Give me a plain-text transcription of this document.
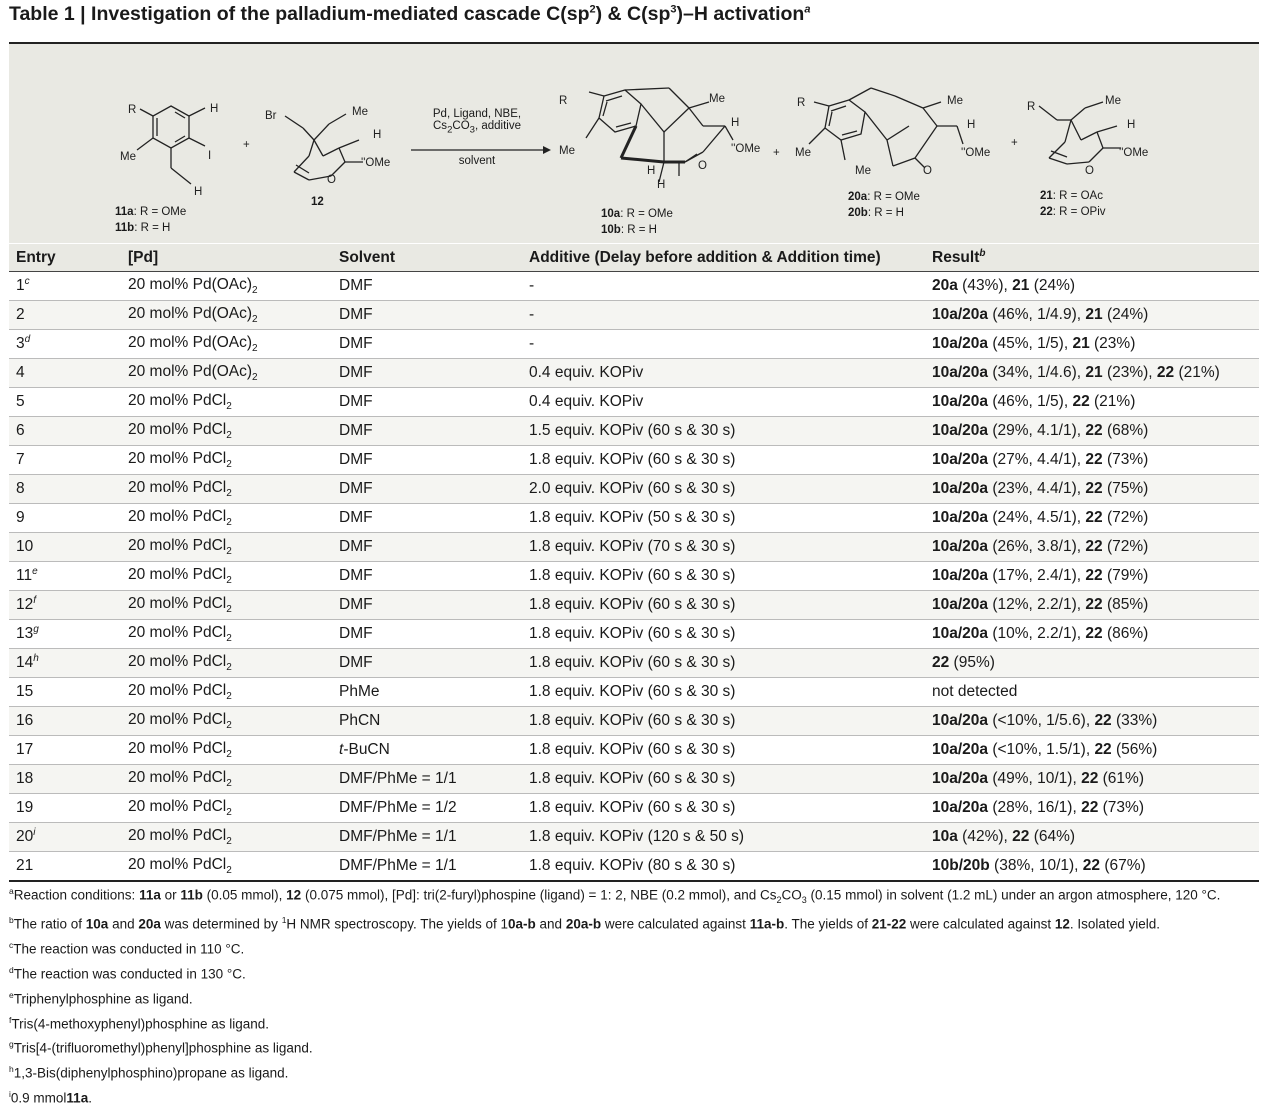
Table 1 | Investigation of the palladium-mediated cascade $C(sp^2)$ & $C(sp^3)-H$ activation$^a$
R	H
Me	I
H
+
Br	Me
H
''OMe
O
R
Me
Me
H
''OMe
H
H
O
+
R
Me
Me
Me
H
''OMe
O
+
R	Me
H
''OMe
O
11a: R = OMe
11b: R = H
12
Pd, Ligand, NBE,
$Cs_2CO_3$, additive
solvent
10a: R = OMe
10b: R = H
20a: R = OMe
20b: R = H
21: R = OAc
22: R = OPiv
Entry	[Pd]	Solvent	Additive (Delay before addition & Addition time)	Result$^b$
1$^c$	20 mol% $Pd(OAc)_2$	DMF	-	20a (43%), 21 (24%)
2	20 mol% $Pd(OAc)_2$	DMF	-	10a/20a (46%, 1/4.9), 21 (24%)
3$^d$	20 mol% $Pd(OAc)_2$	DMF	-	10a/20a (45%, 1/5), 21 (23%)
4	20 mol% $Pd(OAc)_2$	DMF	0.4 equiv. KOPiv	10a/20a (34%, 1/4.6), 21 (23%), 22 (21%)
5	20 mol% PdCl$_2$	DMF	0.4 equiv. KOPiv	10a/20a (46%, 1/5), 22 (21%)
6	20 mol% PdCl$_2$	DMF	1.5 equiv. KOPiv (60 s & 30 s)	10a/20a (29%, 4.1/1), 22 (68%)
7	20 mol% PdCl$_2$	DMF	1.8 equiv. KOPiv (60 s & 30 s)	10a/20a (27%, 4.4/1), 22 (73%)
8	20 mol% PdCl$_2$	DMF	2.0 equiv. KOPiv (60 s & 30 s)	10a/20a (23%, 4.4/1), 22 (75%)
9	20 mol% PdCl$_2$	DMF	1.8 equiv. KOPiv (50 s & 30 s)	10a/20a (24%, 4.5/1), 22 (72%)
10	20 mol% PdCl$_2$	DMF	1.8 equiv. KOPiv (70 s & 30 s)	10a/20a (26%, 3.8/1), 22 (72%)
11e	20 mol% PdCl$_2$	DMF	1.8 equiv. KOPiv (60 s & 30 s)	10a/20a (17%, 2.4/1), 22 (79%)
12$^f$	20 mol% PdCl$_2$	DMF	1.8 equiv. KOPiv (60 s & 30 s)	10a/20a (12%, 2.2/1), 22 (85%)
13$^g$	20 mol% PdCl$_2$	DMF	1.8 equiv. KOPiv (60 s & 30 s)	10a/20a (10%, 2.2/1), 22 (86%)
14$^h$	20 mol% PdCl$_2$	DMF	1.8 equiv. KOPiv (60 s & 30 s)	22 (95%)
15	20 mol% PdCl$_2$	PhMe	1.8 equiv. KOPiv (60 s & 30 s)	not detected
16	20 mol% PdCl$_2$	PhCN	1.8 equiv. KOPiv (60 s & 30 s)	10a/20a (<10%, 1/5.6), 22 (33%)
17	20 mol% PdCl$_2$	t-BuCN	1.8 equiv. KOPiv (60 s & 30 s)	10a/20a (<10%, 1.5/1), 22 (56%)
18	20 mol% PdCl$_2$	DMF/PhMe = 1/1	1.8 equiv. KOPiv (60 s & 30 s)	10a/20a (49%, 10/1), 22 (61%)
19	20 mol% PdCl$_2$	DMF/PhMe = 1/2	1.8 equiv. KOPiv (60 s & 30 s)	10a/20a (28%, 16/1), 22 (73%)
20$^i$	20 mol% PdCl$_2$	DMF/PhMe = 1/1	1.8 equiv. KOPiv (120 s & 50 s)	10a (42%), 22 (64%)
21	20 mol% PdCl$_2$	DMF/PhMe = 1/1	1.8 equiv. KOPiv (80 s & 30 s)	10b/20b (38%, 10/1), 22 (67%)
$^a$Reaction conditions: 11a or 11b (0.05 mmol), 12 (0.075 mmol), [Pd]: tri(2-furyl)phospine (ligand) = 1: 2, NBE (0.2 mmol), and $Cs_2CO_3$ (0.15 mmol) in solvent (1.2 mL) under an argon atmosphere, 120 °C.
$^b$The ratio of 10a and 20a was determined by $^1$H NMR spectroscopy. The yields of 10a-b and 20a-b were calculated against 11a-b. The yields of 21-22 were calculated against 12. Isolated yield.
$^c$The reaction was conducted in 110 °C.
$^d$The reaction was conducted in 130 °C.
$^e$Triphenylphosphine as ligand.
$^f$Tris(4-methoxyphenyl)phosphine as ligand.
$^g$Tris[4-(trifluoromethyl)phenyl]phosphine as ligand.
$^h$1,3-Bis(diphenylphosphino)propane as ligand.
$^i$0.9 mmol11a.
